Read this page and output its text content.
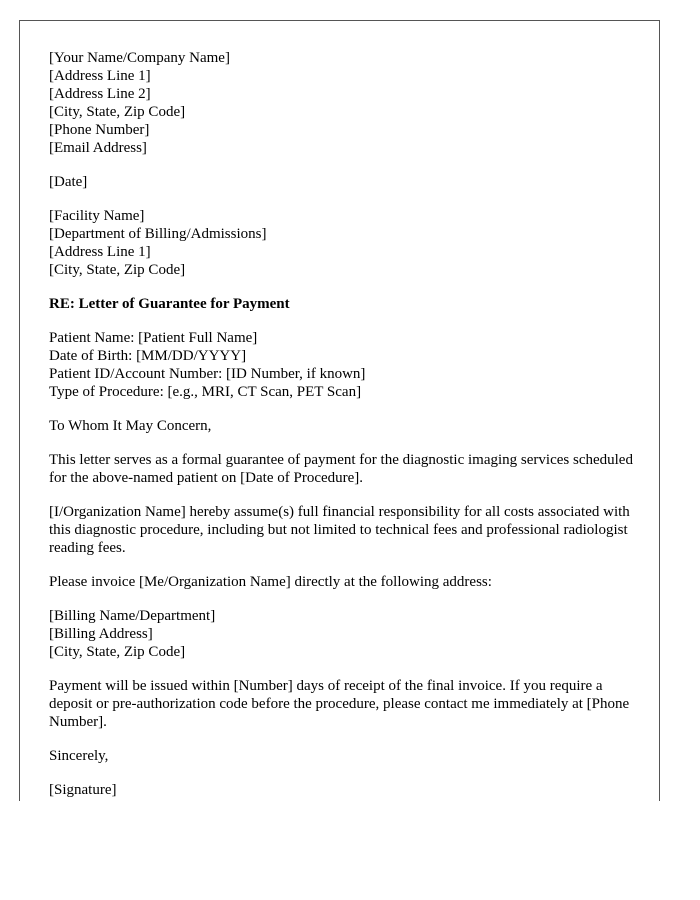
[Your Name/Company Name]
[Address Line 1]
[Address Line 2]
[City, State, Zip Code]
[Phone Number]
[Email Address]
[Date]
[Facility Name]
[Department of Billing/Admissions]
[Address Line 1]
[City, State, Zip Code]
RE: Letter of Guarantee for Payment
Patient Name: [Patient Full Name]
Date of Birth: [MM/DD/YYYY]
Patient ID/Account Number: [ID Number, if known]
Type of Procedure: [e.g., MRI, CT Scan, PET Scan]
To Whom It May Concern,
This letter serves as a formal guarantee of payment for the diagnostic imaging services scheduled for the above-named patient on [Date of Procedure].
[I/Organization Name] hereby assume(s) full financial responsibility for all costs associated with this diagnostic procedure, including but not limited to technical fees and professional radiologist reading fees.
Please invoice [Me/Organization Name] directly at the following address:
[Billing Name/Department]
[Billing Address]
[City, State, Zip Code]
Payment will be issued within [Number] days of receipt of the final invoice. If you require a deposit or pre-authorization code before the procedure, please contact me immediately at [Phone Number].
Sincerely,
[Signature]
